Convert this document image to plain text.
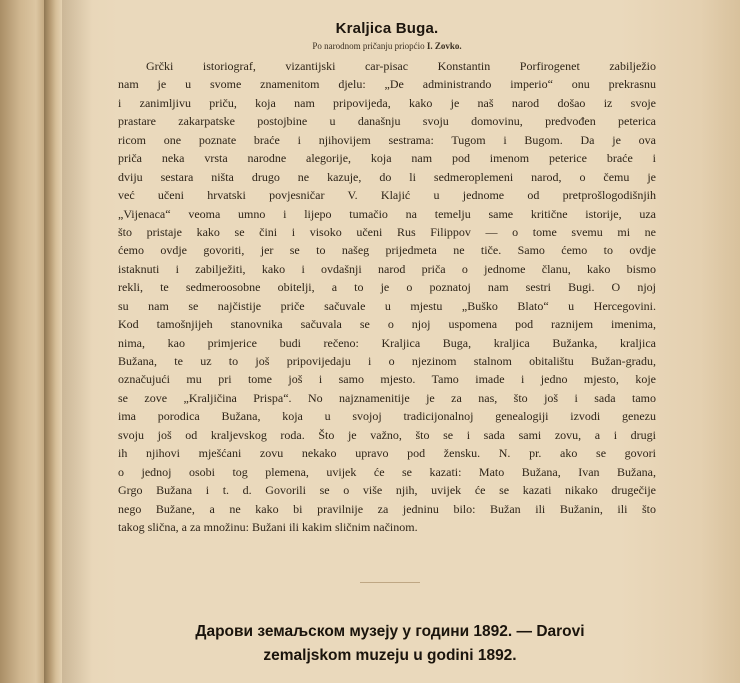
Kraljica Buga.
Po narodnom pričanju priopćio I. Zovko.
Grčki istoriograf, vizantijski car-pisac Konstantin Porfirogenet zabilježio
nam je u svome znamenitom djelu: „De administrando imperio“ onu prekrasnu
i zanimljivu priču, koja nam pripovijeda, kako je naš narod došao iz svoje
prastare zakarpatske postojbine u današnju svoju domovinu, predvođen peterica
ricom one poznate braće i njihovijem sestrama: Tugom i Bugom. Da je ova
priča neka vrsta narodne alegorije, koja nam pod imenom peterice braće i
dviju sestara ništa drugo ne kazuje, do li sedmeroplemeni narod, o čemu je
već učeni hrvatski povjesničar V. Klajić u jednome od pretprošlogodišnjih
„Vijenaca“ veoma umno i lijepo tumačio na temelju same kritične istorije, uza
što pristaje kako se čini i visoko učeni Rus Filippov — o tome svemu mi ne
ćemo ovdje govoriti, jer se to našeg prijedmeta ne tiče. Samo ćemo to ovdje
istaknuti i zabilježiti, kako i ovdašnji narod priča o jednome članu, kako bismo
rekli, te sedmeroosobne obitelji, a to je o poznatoj nam sestri Bugi. O njoj
su nam se najčistije priče sačuvale u mjestu „Buško Blato“ u Hercegovini.
Kod tamošnjijeh stanovnika sačuvala se o njoj uspomena pod raznijem imenima,
nima, kao primjerice budi rečeno: Kraljica Buga, kraljica Bužanka, kraljica
Bužana, te uz to još pripovijedaju i o njezinom stalnom obitalištu Bužan-gradu,
označujući mu pri tome još i samo mjesto. Tamo imade i jedno mjesto, koje
se zove „Kraljičina Prispa“. No najznamenitije je za nas, što još i sada tamo
ima porodica Bužana, koja u svojoj tradicijonalnoj genealogiji izvodi genezu
svoju još od kraljevskog roda. Što je važno, što se i sada sami zovu, a i drugi
ih njihovi mješćani zovu nekako upravo pod žensku. N. pr. ako se govori
o jednoj osobi tog plemena, uvijek će se kazati: Mato Bužana, Ivan Bužana,
Grgo Bužana i t. d. Govorili se o više njih, uvijek će se kazati nikako drugečije
nego Bužane, a ne kako bi pravilnije za jedninu bilo: Bužan ili Bužanin, ili što
takog slična, a za množinu: Bužani ili kakim sličnim načinom.
Дарови земаљском музеју у години 1892. — Darovi
zemaljskom muzeju u godini 1892.
